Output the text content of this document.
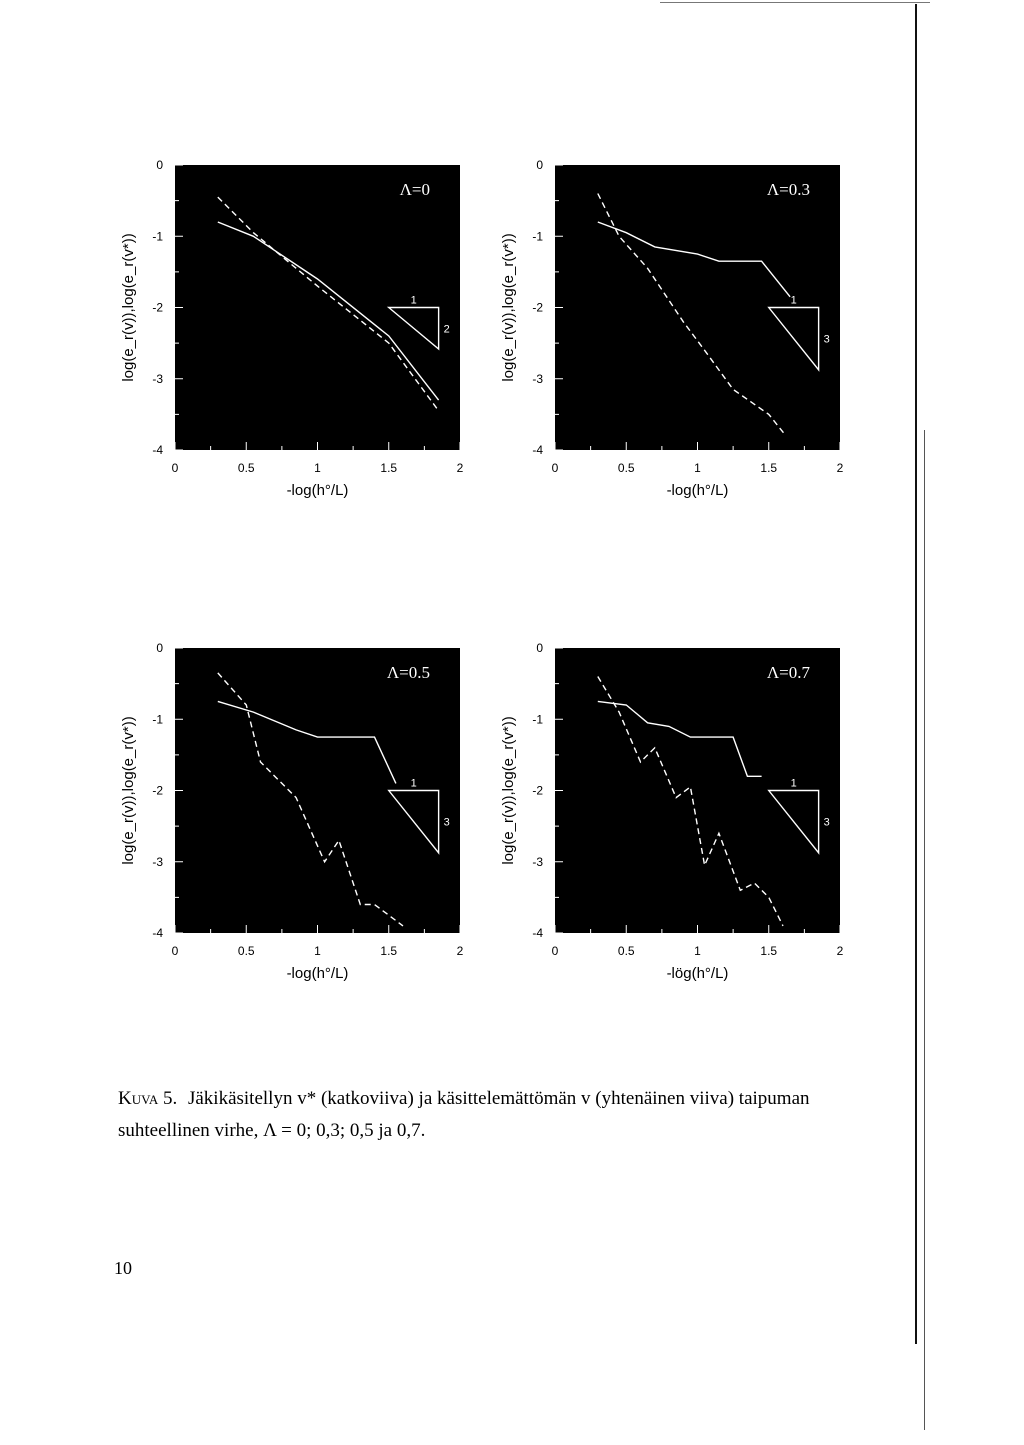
0
-1
-2
-3
-4
0	0.5	1	1.5	2
-log(h°/L)
log(e_r(v)),log(e_r(v*))
Λ=0
1
2
0
-1
-2
-3
-4
0	0.5	1	1.5	2
-log(h°/L)
log(e_r(v)),log(e_r(v*))
Λ=0.3
1
3
0
-1
-2
-3
-4
0	0.5	1	1.5	2
-log(h°/L)
log(e_r(v)),log(e_r(v*))
Λ=0.5
1
3
0
-1
-2
-3
-4
0	0.5	1	1.5	2
-lög(h°/L)
log(e_r(v)),log(e_r(v*))
Λ=0.7
1
3
Kuva 5. Jäkikäsitellyn v* (katkoviiva) ja käsittelemättömän v (yhtenäinen viiva) taipuman suhteellinen virhe, Λ = 0; 0,3; 0,5 ja 0,7.
10
